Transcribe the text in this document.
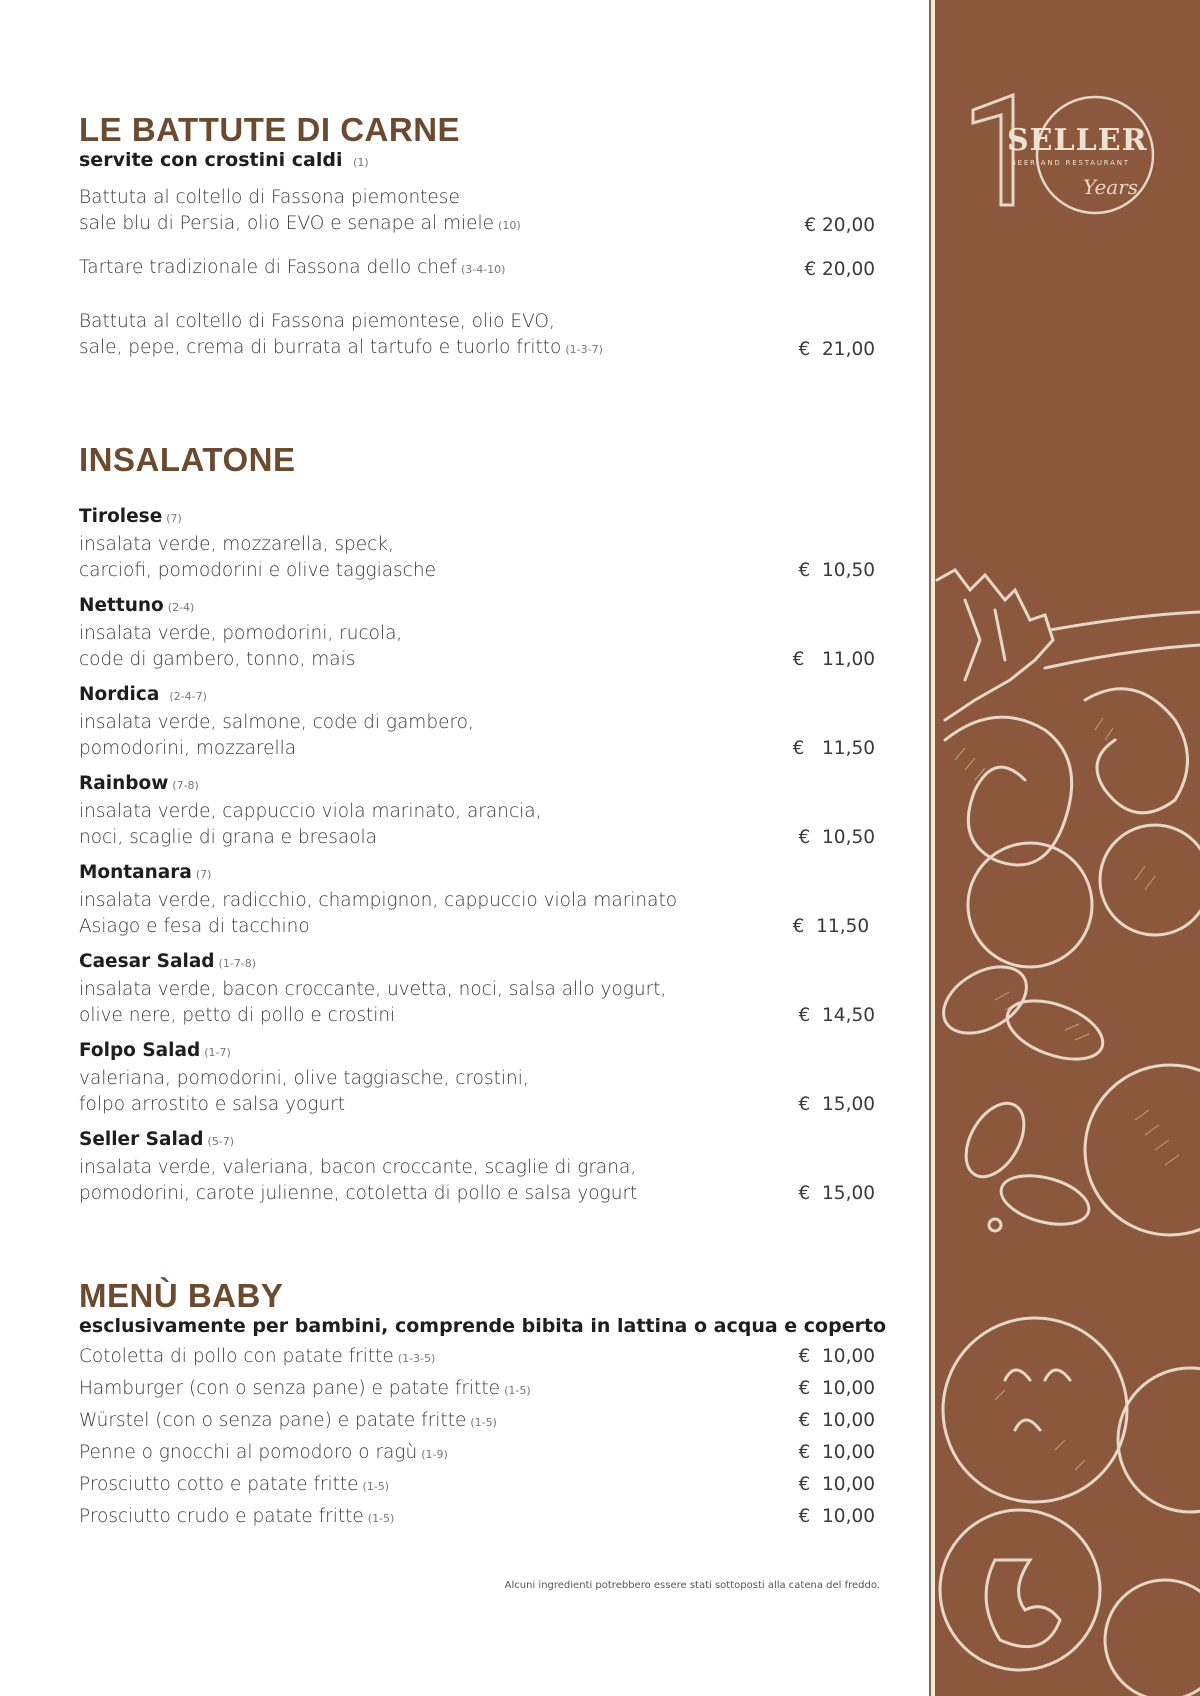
LE BATTUTE DI CARNE

servite con crostini caldi (1)

Battuta al coltello di Fassona piemontese
sale blu di Persia, olio EVO e senape al miele (10)	€ 20,00
Tartare tradizionale di Fassona dello chef (3-4-10)	€ 20,00
Battuta al coltello di Fassona piemontese, olio EVO,
sale, pepe, crema di burrata al tartufo e tuorlo fritto (1-3-7)	€  21,00
INSALATONE
Tirolese (7)
insalata verde, mozzarella, speck,
carciofi, pomodorini e olive taggiasche	€  10,50
Nettuno (2-4)
insalata verde, pomodorini, rucola,
code di gambero, tonno, mais	€   11,00
Nordica (2-4-7)
insalata verde, salmone, code di gambero,
pomodorini, mozzarella	€   11,50
Rainbow (7-8)
insalata verde, cappuccio viola marinato, arancia,
noci, scaglie di grana e bresaola	€  10,50
Montanara (7)
insalata verde, radicchio, champignon, cappuccio viola marinato
Asiago e fesa di tacchino	€  11,50
Caesar Salad (1-7-8)
insalata verde, bacon croccante, uvetta, noci, salsa allo yogurt,
olive nere, petto di pollo e crostini	€  14,50
Folpo Salad (1-7)
valeriana, pomodorini, olive taggiasche, crostini,
folpo arrostito e salsa yogurt	€  15,00
Seller Salad (5-7)
insalata verde, valeriana, bacon croccante, scaglie di grana,
pomodorini, carote julienne, cotoletta di pollo e salsa yogurt	€  15,00
MENÙ BABY

esclusivamente per bambini, comprende bibita in lattina o acqua e coperto

Cotoletta di pollo con patate fritte (1-3-5)	€  10,00
Hamburger (con o senza pane) e patate fritte (1-5)	€  10,00
Würstel (con o senza pane) e patate fritte (1-5)	€  10,00
Penne o gnocchi al pomodoro o ragù (1-9)	€  10,00
Prosciutto cotto e patate fritte (1-5)	€  10,00
Prosciutto crudo e patate fritte (1-5)	€  10,00
Alcuni ingredienti potrebbero essere stati sottoposti alla catena del freddo.
SELLER
BEER AND RESTAURANT
Years
